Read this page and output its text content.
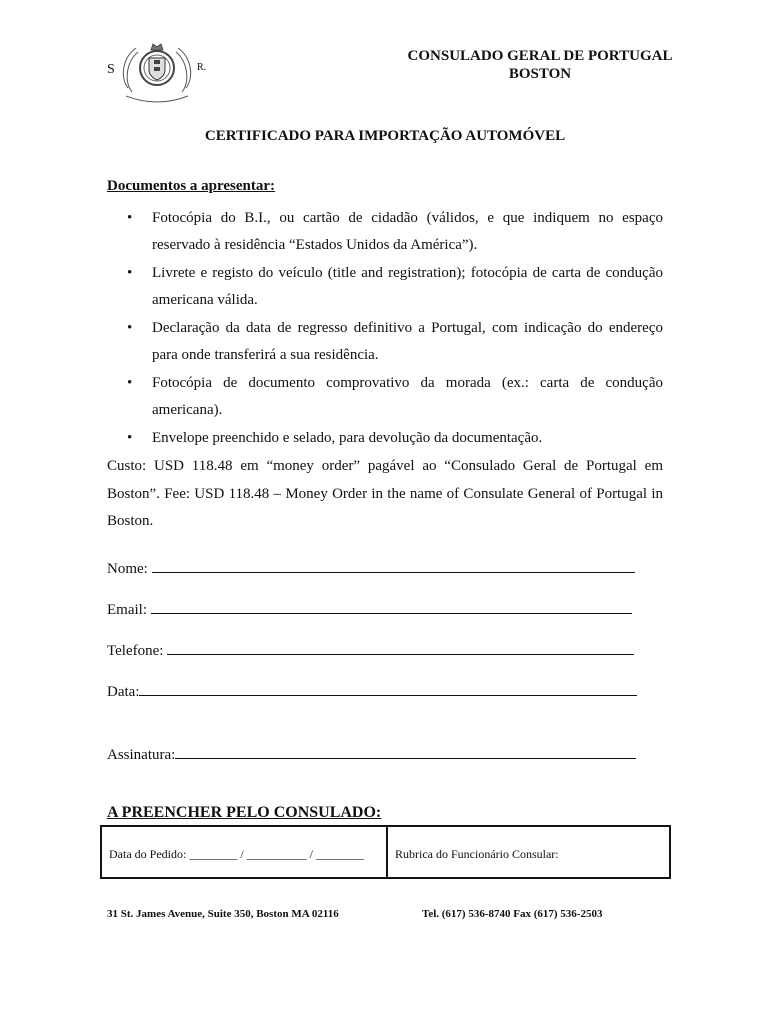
S	R.
CONSULADO GERAL DE PORTUGAL
BOSTON
CERTIFICADO PARA IMPORTAÇÃO AUTOMÓVEL
Documentos a apresentar:
• Fotocópia do B.I., ou cartão de cidadão (válidos, e que indiquem no espaço reservado à residência “Estados Unidos da América”).
• Livrete e registo do veículo (title and registration); fotocópia de carta de condução americana válida.
• Declaração da data de regresso definitivo a Portugal, com indicação do endereço para onde transferirá a sua residência.
• Fotocópia de documento comprovativo da morada (ex.: carta de condução americana).
• Envelope preenchido e selado, para devolução da documentação.
Custo: USD 118.48 em “money order” pagável ao “Consulado Geral de Portugal em Boston”. Fee: USD 118.48 – Money Order in the name of Consulate General of Portugal in Boston.
Nome:
Email:
Telefone:
Data:
Assinatura:
A PREENCHER PELO CONSULADO:
Data do Pedido: ________ / __________ / ________	Rubrica do Funcionário Consular:
31 St. James Avenue, Suite 350, Boston MA 02116	Tel. (617) 536-8740 Fax (617) 536-2503
